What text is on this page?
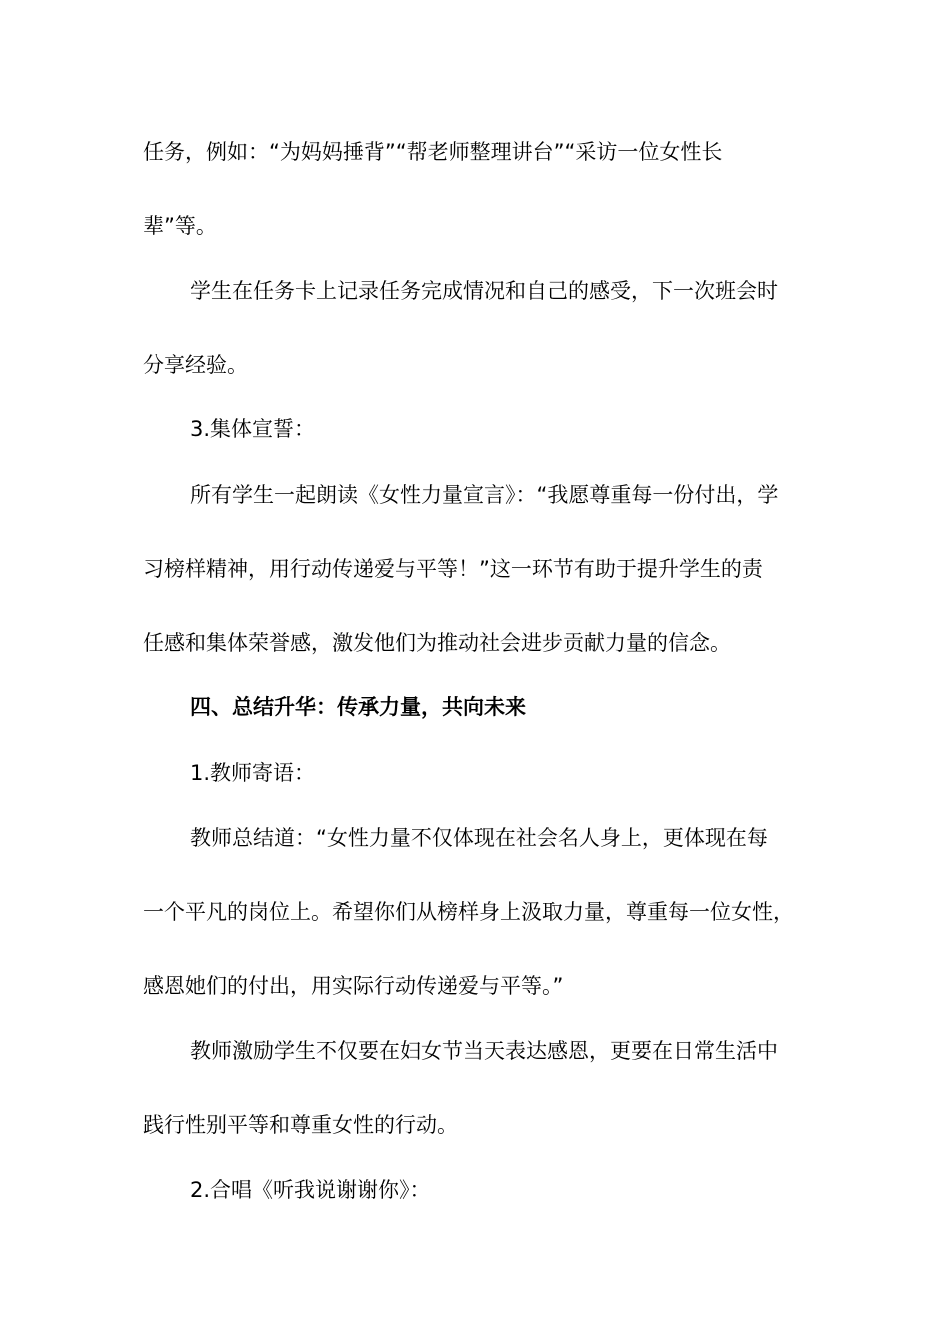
任务，例如：“为妈妈捶背”“帮老师整理讲台”“采访一位女性长
辈”等。
学生在任务卡上记录任务完成情况和自己的感受，下一次班会时
分享经验。
3.集体宣誓：
所有学生一起朗读《女性力量宣言》：“我愿尊重每一份付出，学
习榜样精神，用行动传递爱与平等！”这一环节有助于提升学生的责
任感和集体荣誉感，激发他们为推动社会进步贡献力量的信念。
四、总结升华：传承力量，共向未来
1.教师寄语：
教师总结道：“女性力量不仅体现在社会名人身上，更体现在每
一个平凡的岗位上。希望你们从榜样身上汲取力量，尊重每一位女性，
感恩她们的付出，用实际行动传递爱与平等。”
教师激励学生不仅要在妇女节当天表达感恩，更要在日常生活中
践行性别平等和尊重女性的行动。
2.合唱《听我说谢谢你》：
